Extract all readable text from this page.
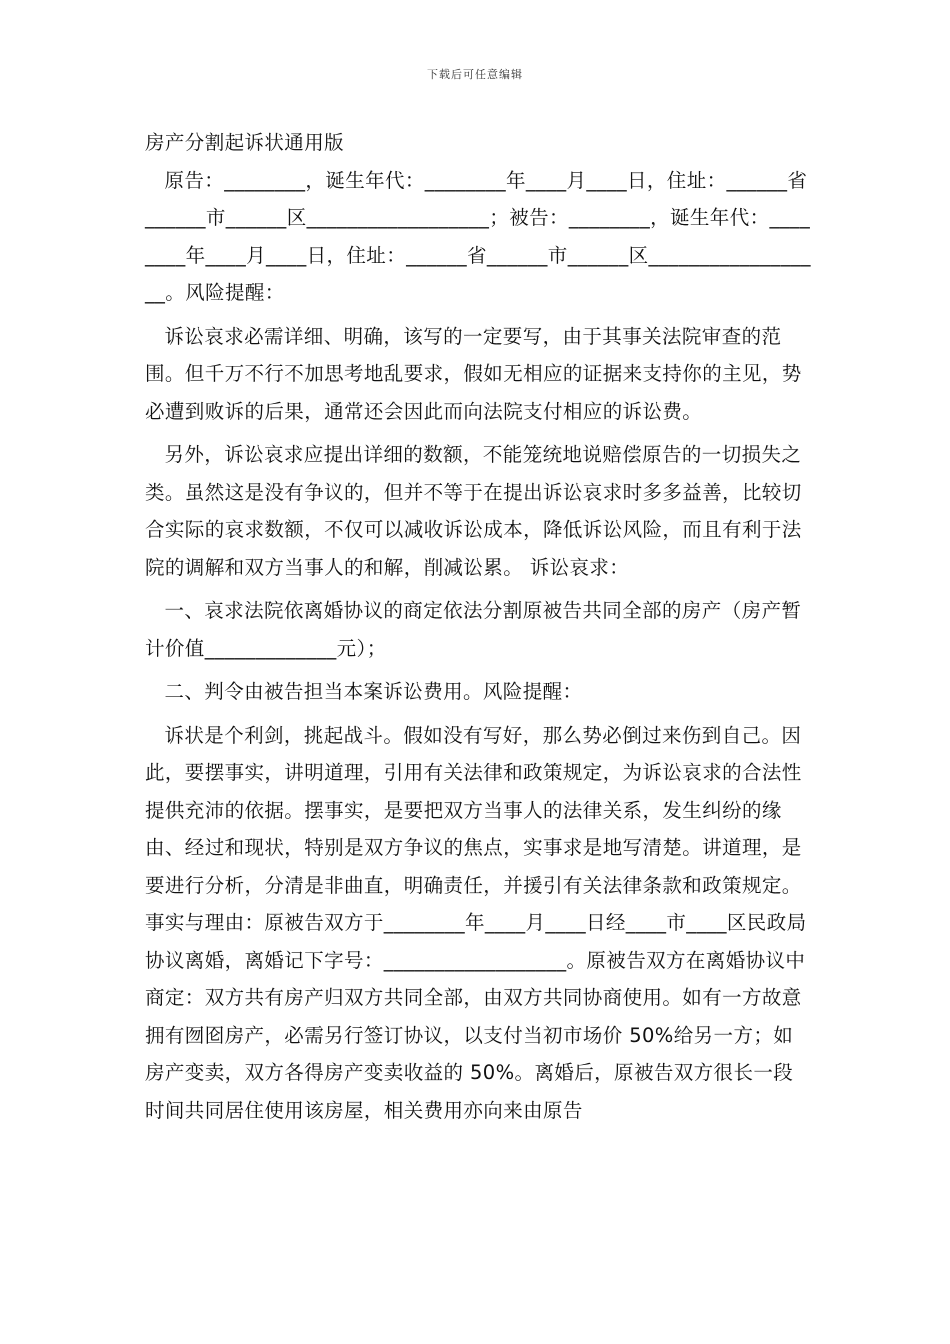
下载后可任意编辑

房产分割起诉状通用版

原告：________，诞生年代：________年____月____日，住址：______省______市______区__________________；被告：________，诞生年代：________年____月____日，住址：______省______市______区__________________。风险提醒：

诉讼哀求必需详细、明确，该写的一定要写，由于其事关法院审查的范围。但千万不行不加思考地乱要求，假如无相应的证据来支持你的主见，势必遭到败诉的后果，通常还会因此而向法院支付相应的诉讼费。

另外，诉讼哀求应提出详细的数额，不能笼统地说赔偿原告的一切损失之类。虽然这是没有争议的，但并不等于在提出诉讼哀求时多多益善，比较切合实际的哀求数额，不仅可以减收诉讼成本，降低诉讼风险，而且有利于法院的调解和双方当事人的和解，削减讼累。 诉讼哀求：

一、哀求法院依离婚协议的商定依法分割原被告共同全部的房产（房产暂计价值_____________元）；

二、判令由被告担当本案诉讼费用。风险提醒：

诉状是个利剑，挑起战斗。假如没有写好，那么势必倒过来伤到自己。因此，要摆事实，讲明道理，引用有关法律和政策规定，为诉讼哀求的合法性提供充沛的依据。摆事实，是要把双方当事人的法律关系，发生纠纷的缘由、经过和现状，特别是双方争议的焦点，实事求是地写清楚。讲道理，是要进行分析，分清是非曲直，明确责任，并援引有关法律条款和政策规定。 事实与理由：原被告双方于________年____月____日经____市____区民政局协议离婚，离婚记下字号：__________________。原被告双方在离婚协议中商定：双方共有房产归双方共同全部，由双方共同协商使用。如有一方故意拥有囫囵房产，必需另行签订协议，以支付当初市场价 50%给另一方；如房产变卖，双方各得房产变卖收益的 50%。离婚后，原被告双方很长一段时间共同居住使用该房屋，相关费用亦向来由原告
